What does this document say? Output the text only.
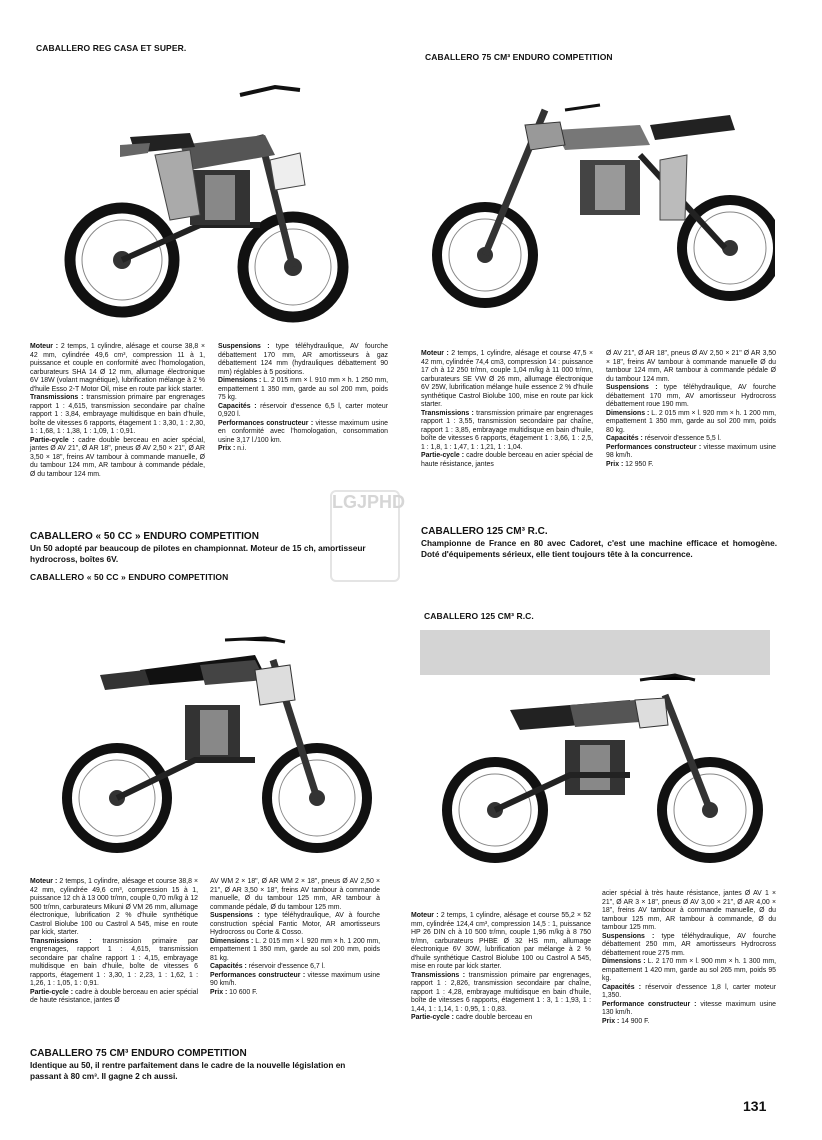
CABALLERO REG CASA ET SUPER.
CABALLERO 75 CM³ ENDURO COMPETITION
CABALLERO « 50 CC » ENDURO COMPETITION
CABALLERO 125 CM³ R.C.
LGJPHD

Moteur : 2 temps, 1 cylindre, alésage et course 38,8 × 42 mm, cylindrée 49,6 cm³, compression 11 à 1, puissance et couple en conformité avec l'homologation, carburateurs SHA 14 Ø 12 mm, allumage électronique 6V 18W (volant magnétique), lubrification mélange à 2 % d'huile Esso 2-T Motor Oil, mise en route par kick starter.

Transmissions : transmission primaire par engrenages rapport 1 : 4,615, transmission secondaire par chaîne rapport 1 : 3,84, embrayage multidisque en bain d'huile, boîte de vitesses 6 rapports, étagement 1 : 3,30, 1 : 2,30, 1 : 1,68, 1 : 1,38, 1 : 1,09, 1 : 0,91.

Partie-cycle : cadre double berceau en acier spécial, jantes Ø AV 21", Ø AR 18", pneus Ø AV 2,50 × 21", Ø AR 3,50 × 18", freins AV tambour à commande manuelle, Ø du tambour 124 mm, AR tambour à commande pédale, Ø du tambour 124 mm.

Suspensions : type téléhydraulique, AV fourche débattement 170 mm, AR amortisseurs à gaz débattement 124 mm (hydrauliques débattement 90 mm) réglables à 5 positions.

Dimensions : L. 2 015 mm × l. 910 mm × h. 1 250 mm, empattement 1 350 mm, garde au sol 200 mm, poids 75 kg.

Capacités : réservoir d'essence 6,5 l, carter moteur 0,920 l.

Performances constructeur : vitesse maximum usine en conformité avec l'homologation, consommation usine 3,17 l./100 km.

Prix : n.i.

CABALLERO « 50 CC » ENDURO COMPETITION
Un 50 adopté par beaucoup de pilotes en championnat. Moteur de 15 ch, amortisseur hydrocross, boîtes 6V.

Moteur : 2 temps, 1 cylindre, alésage et course 47,5 × 42 mm, cylindrée 74,4 cm3, compression 14 : puissance 17 ch à 12 250 tr/mn, couple 1,04 m/kg à 11 000 tr/mn, carburateurs SE VW Ø 26 mm, allumage électronique 6V 25W, lubrification mélange huile essence 2 % d'huile synthétique Castrol Biolube 100, mise en route par kick starter.

Transmissions : transmission primaire par engrenages rapport 1 : 3,55, transmission secondaire par chaîne, rapport 1 : 3,85, embrayage multidisque en bain d'huile, boîte de vitesses 6 rapports, étagement 1 : 3,66, 1 : 2,5, 1 : 1,8, 1 : 1,47, 1 : 1,21, 1 : 1,04.

Partie-cycle : cadre double berceau en acier spécial de haute résistance, jantes

Ø AV 21", Ø AR 18", pneus Ø AV 2,50 × 21" Ø AR 3,50 × 18", freins AV tambour à commande manuelle Ø du tambour 124 mm, AR tambour à commande pédale Ø du tambour 124 mm.

Suspensions : type téléhydraulique, AV fourche débattement 170 mm, AV amortisseur Hydrocross débattement roue 190 mm.

Dimensions : L. 2 015 mm × l. 920 mm × h. 1 200 mm, empattement 1 350 mm, garde au sol 200 mm, poids 80 kg.

Capacités : réservoir d'essence 5,5 l.

Performances constructeur : vitesse maximum usine 98 km/h.

Prix : 12 950 F.

CABALLERO 125 CM³ R.C.
Championne de France en 80 avec Cadoret, c'est une machine efficace et homogène. Doté d'équipements sérieux, elle tient toujours tête à la concurrence.

Moteur : 2 temps, 1 cylindre, alésage et course 38,8 × 42 mm, cylindrée 49,6 cm³, compression 15 à 1, puissance 12 ch à 13 000 tr/mn, couple 0,70 m/kg à 12 500 tr/mn, carburateurs Mikuni Ø VM 26 mm, allumage électronique, lubrification 2 % d'huile synthétique Castrol Biolube 100 ou Castrol A 545, mise en route par kick, starter.

Transmissions : transmission primaire par engrenages, rapport 1 : 4,615, transmission secondaire par chaîne rapport 1 : 4,15, embrayage multidisque en bain d'huile, boîte de vitesses 6 rapports, étagement 1 : 3,30, 1 : 2,23, 1 : 1,62, 1 : 1,26, 1 : 1,05, 1 : 0,91.

Partie-cycle : cadre à double berceau en acier spécial de haute résistance, jantes Ø

AV WM 2 × 18", Ø AR WM 2 × 18", pneus Ø AV 2,50 × 21", Ø AR 3,50 × 18", freins AV tambour à commande manuelle, Ø du tambour 125 mm, AR tambour à commande pédale, Ø du tambour 125 mm.

Suspensions : type téléhydraulique, AV à fourche construction spécial Fantic Motor, AR amortisseurs Hydrocross ou Corte & Cosso.

Dimensions : L. 2 015 mm × l. 920 mm × h. 1 200 mm, empattement 1 350 mm, garde au sol 200 mm, poids 81 kg.

Capacités : réservoir d'essence 6,7 l.

Performances constructeur : vitesse maximum usine 90 km/h.

Prix : 10 600 F.

CABALLERO 75 CM³ ENDURO COMPETITION
Identique au 50, il rentre parfaitement dans le cadre de la nouvelle législation en passant à 80 cm³. Il gagne 2 ch aussi.

Moteur : 2 temps, 1 cylindre, alésage et course 55,2 × 52 mm, cylindrée 124,4 cm³, compression 14,5 : 1, puissance HP 26 DIN ch à 10 500 tr/mn, couple 1,96 m/kg à 8 750 tr/mn, carburateurs PHBE Ø 32 HS mm, allumage électronique 6V 30W, lubrification par mélange à 2 % d'huile synthétique Castrol Biolube 100 ou Castrol A 545, mise en route par kick starter.

Transmissions : transmission primaire par engrenages, rapport 1 : 2,826, transmission secondaire par chaîne, rapport 1 : 4,28, embrayage multidisque en bain d'huile, boîte de vitesses 6 rapports, étagement 1 : 3, 1 : 1,93, 1 : 1,44, 1 : 1,14, 1 : 0,95, 1 : 0,83.

Partie-cycle : cadre double berceau en

acier spécial à très haute résistance, jantes Ø AV 1 × 21", Ø AR 3 × 18", pneus Ø AV 3,00 × 21", Ø AR 4,00 × 18", freins AV tambour à commande manuelle, Ø du tambour 125 mm, AR tambour à commande, Ø du tambour 125 mm.

Suspensions : type téléhydraulique, AV fourche débattement 250 mm, AR amortisseurs Hydrocross débattement roue 275 mm.

Dimensions : L. 2 170 mm × l. 900 mm × h. 1 300 mm, empattement 1 420 mm, garde au sol 265 mm, poids 95 kg.

Capacités : réservoir d'essence 1,8 l, carter moteur 1,350.

Performance constructeur : vitesse maximum usine 130 km/h.

Prix : 14 900 F.

131
